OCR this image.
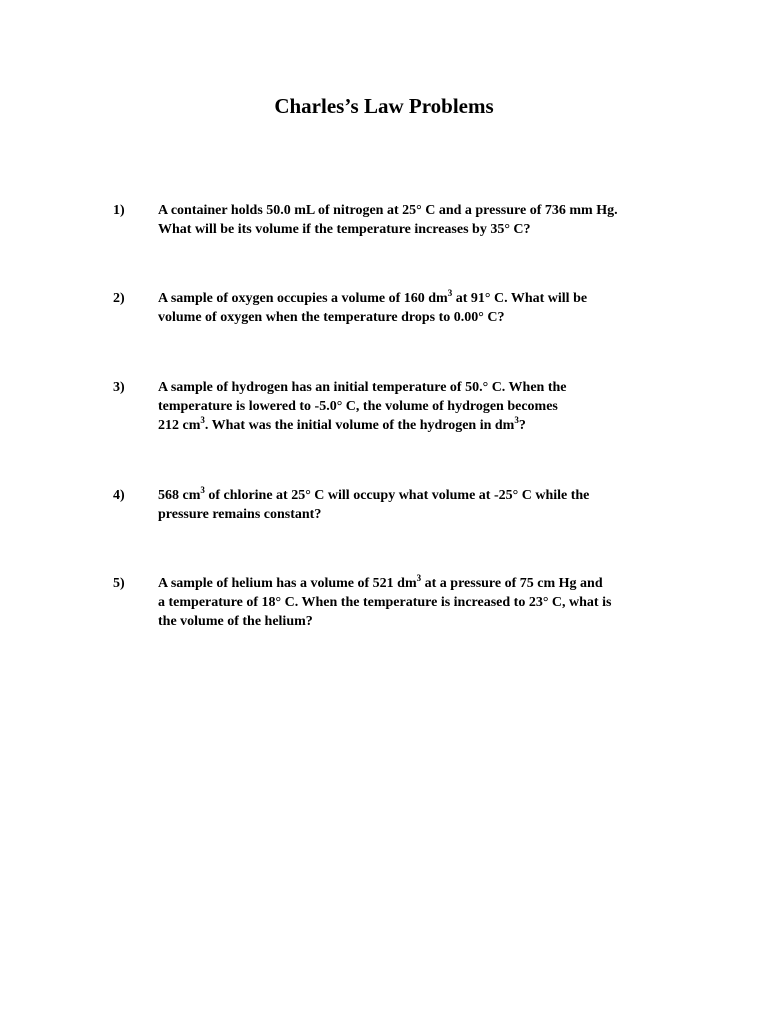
Charles’s Law Problems
1) A container holds 50.0 mL of nitrogen at 25° C and a pressure of 736 mm Hg.
What will be its volume if the temperature increases by 35° C?
2) A sample of oxygen occupies a volume of 160 $dm^3$ at 91° C. What will be
volume of oxygen when the temperature drops to 0.00° C?
3) A sample of hydrogen has an initial temperature of 50.° C. When the
temperature is lowered to -5.0° C, the volume of hydrogen becomes
212 $cm^3$. What was the initial volume of the hydrogen in $dm^3$?
4) 568 $cm^3$ of chlorine at 25° C will occupy what volume at -25° C while the
pressure remains constant?
5) A sample of helium has a volume of 521 $dm^3$ at a pressure of 75 cm Hg and
a temperature of 18° C. When the temperature is increased to 23° C, what is
the volume of the helium?
